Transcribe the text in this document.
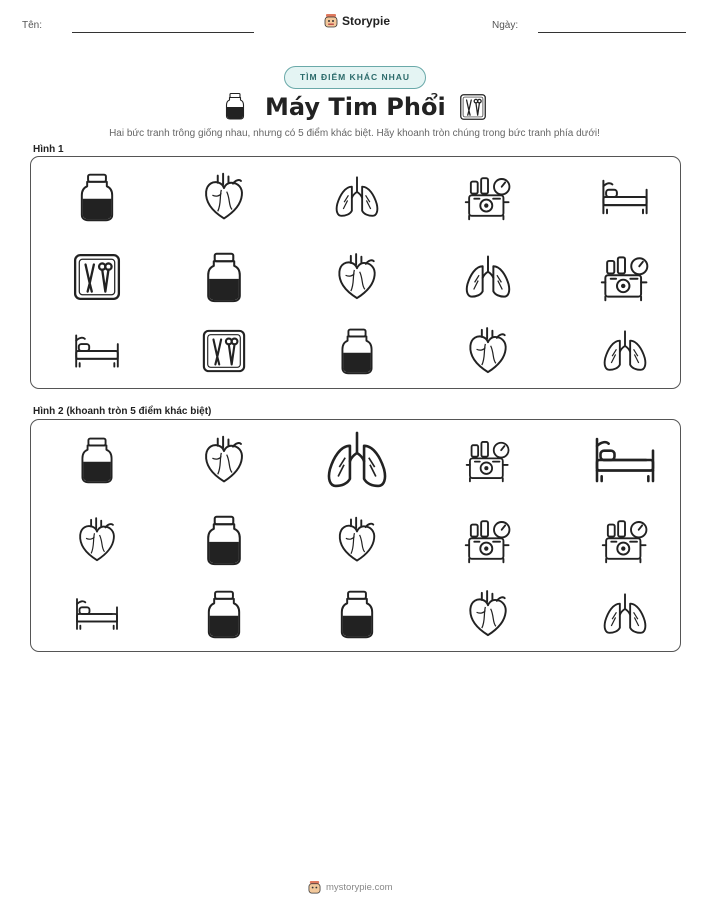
Tên:	Storypie	Ngày:
TÌM ĐIỂM KHÁC NHAU
Máy Tim Phổi
Hai bức tranh trông giống nhau, nhưng có 5 điểm khác biệt. Hãy khoanh tròn chúng trong bức tranh phía dưới!
Hình 1
Hình 2 (khoanh tròn 5 điểm khác biệt)
mystorypie.com
